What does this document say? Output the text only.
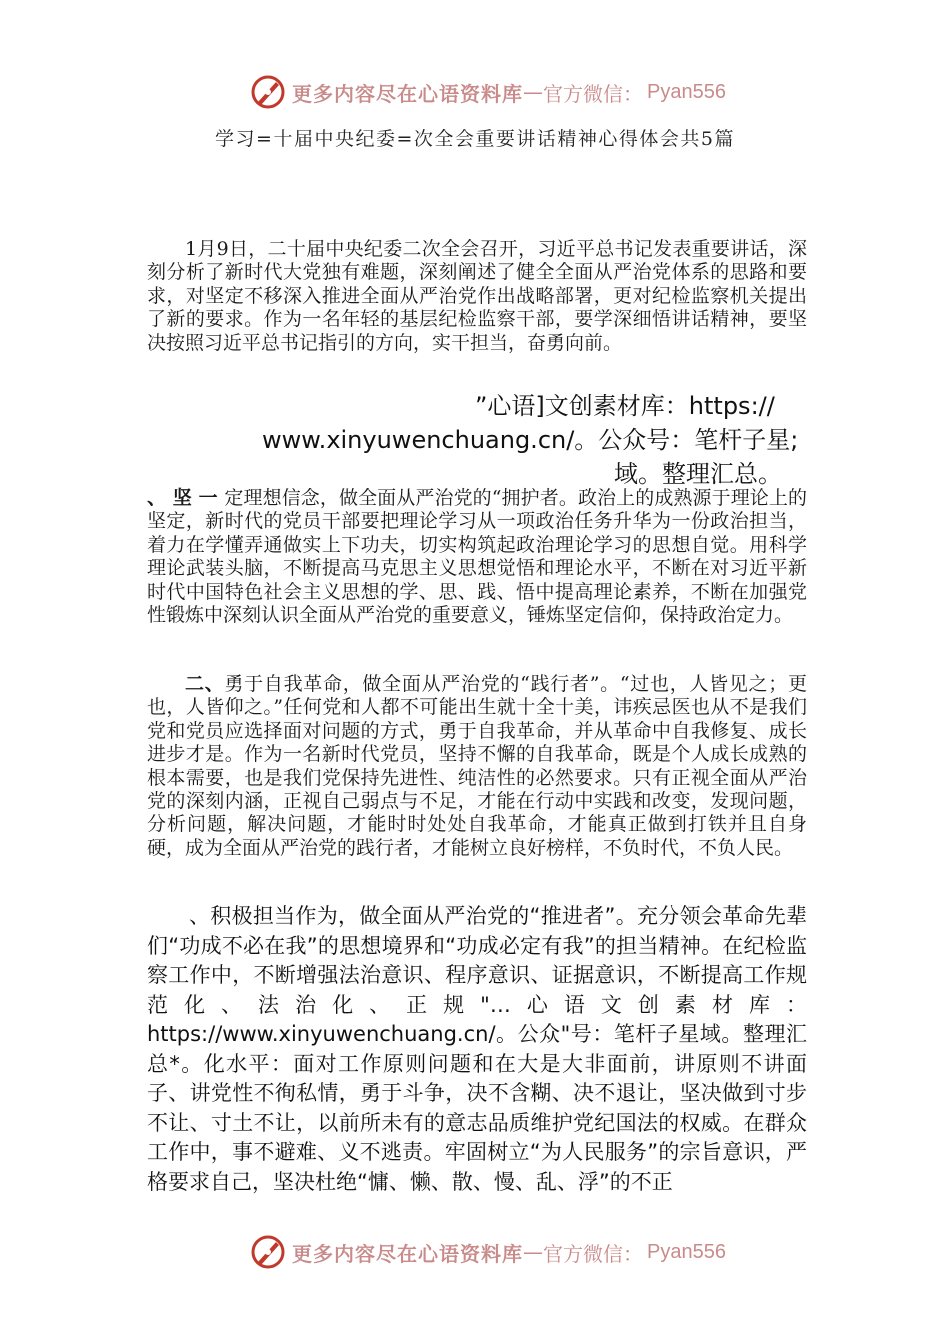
更多内容尽在心语资料库 — 官方微信： Pyan556
学习=十届中央纪委=次全会重要讲话精神心得体会共5篇

1月9日，二十届中央纪委二次全会召开，习近平总书记发表重要讲话，深刻分析了新时代大党独有难题，深刻阐述了健全全面从严治党体系的思路和要求，对坚定不移深入推进全面从严治党作出战略部署，更对纪检监察机关提出了新的要求。作为一名年轻的基层纪检监察干部，要学深细悟讲话精神，要坚决按照习近平总书记指引的方向，实干担当，奋勇向前。

”心语]文创素材库：https://

www.xinyuwenchuang.cn/。公众号：笔杆子星;

域。整理汇总。

、 坚 一 定理想信念，做全面从严治党的“拥护者。政治上的成熟源于理论上的坚定，新时代的党员干部要把理论学习从一项政治任务升华为一份政治担当，着力在学懂弄通做实上下功夫，切实构筑起政治理论学习的思想自觉。用科学理论武装头脑，不断提高马克思主义思想觉悟和理论水平，不断在对习近平新时代中国特色社会主义思想的学、思、践、悟中提高理论素养，不断在加强党性锻炼中深刻认识全面从严治党的重要意义，锤炼坚定信仰，保持政治定力。

二、勇于自我革命，做全面从严治党的“践行者”。“过也，人皆见之；更也，人皆仰之。”任何党和人都不可能出生就十全十美，讳疾忌医也从不是我们党和党员应选择面对问题的方式，勇于自我革命，并从革命中自我修复、成长进步才是。作为一名新时代党员，坚持不懈的自我革命，既是个人成长成熟的根本需要，也是我们党保持先进性、纯洁性的必然要求。只有正视全面从严治党的深刻内涵，正视自己弱点与不足，才能在行动中实践和改变，发现问题，分析问题，解决问题，才能时时处处自我革命，才能真正做到打铁并且自身硬，成为全面从严治党的践行者，才能树立良好榜样，不负时代，不负人民。

、积极担当作为，做全面从严治党的“推进者”。充分领会革命先辈们“功成不必在我”的思想境界和“功成必定有我”的担当精神。在纪检监察工作中，不断增强法治意识、程序意识、证据意识，不断提高工作规范化、法治化、正规"…心语文创素材库：https://www.xinyuwenchuang.cn/。公众"号：笔杆子星域。整理汇总*。化水平：面对工作原则问题和在大是大非面前，讲原则不讲面子、讲党性不徇私情，勇于斗争，决不含糊、决不退让，坚决做到寸步不让、寸土不让，以前所未有的意志品质维护党纪国法的权威。在群众工作中，事不避难、义不逃责。牢固树立“为人民服务”的宗旨意识，严格要求自己，坚决杜绝“慵、懒、散、慢、乱、浮”的不正

更多内容尽在心语资料库 — 官方微信： Pyan556
